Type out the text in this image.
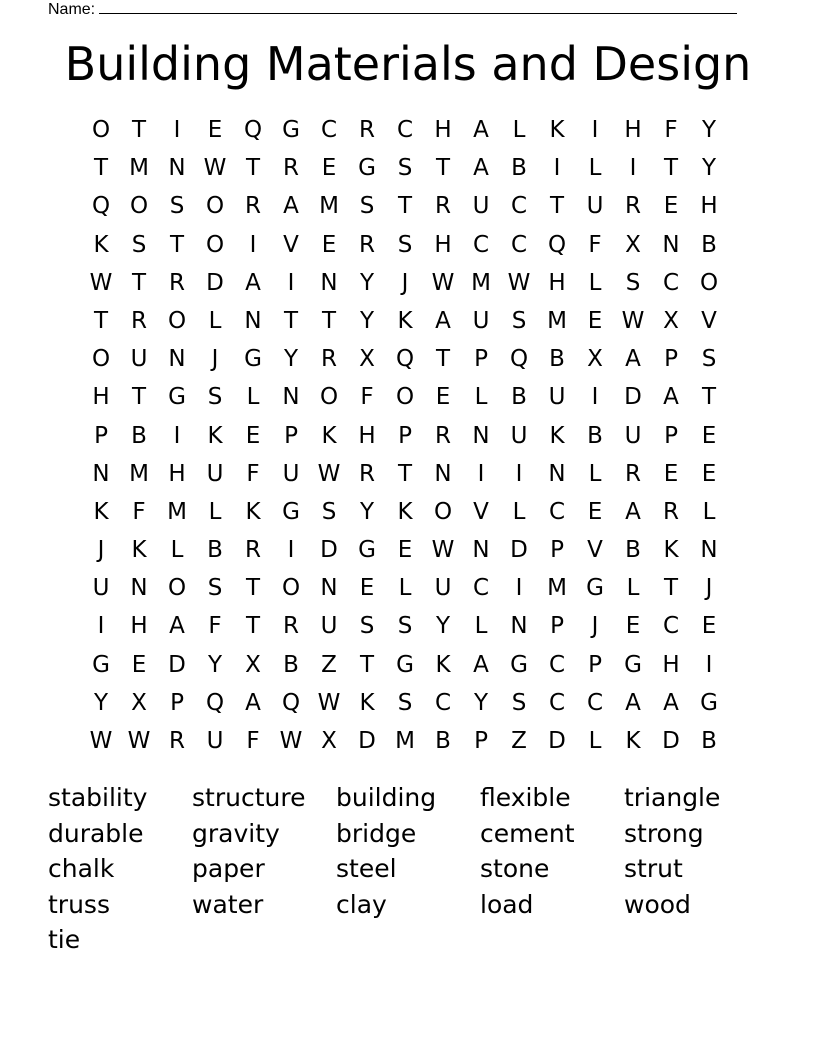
Name:
Building Materials and Design
O T	I	E Q G C R C H A	L	K	I	H F	Y
T M N W T R E G S	T	A B	I	L	I	T	Y
Q O S O R A M S	T R U C T U R E H
K	S	T O	I	V E R S H C C Q F	X N B
W T R D A	I	N Y	J	W M W H L	S C O
T R O L N T	T	Y	K A U S M E W X V
O U N	J	G Y R X Q T	P Q B X A	P	S
H T G S	L N O F O E	L	B U	I	D A	T
P	B	I	K	E	P	K H P	R N U K B U P	E
N M H U F U W R T N	I	I	N L	R E	E
K	F M L	K G S	Y	K O V	L	C E A R	L
J	K	L	B R	I	D G E W N D P	V B K N
U N O S	T O N E	L	U C	I	M G L	T	J
I	H A	F	T R U S	S	Y	L N P	J	E C E
G E D Y	X B Z	T G K A G C	P G H	I
Y	X	P Q A Q W K	S C Y	S C C A A G
W W R U F W X D M B	P	Z D L	K D B
stability	structure	building	flexible	triangle
durable	gravity	bridge	cement	strong
chalk	paper	steel	stone	strut
truss	water	clay	load	wood
tie
